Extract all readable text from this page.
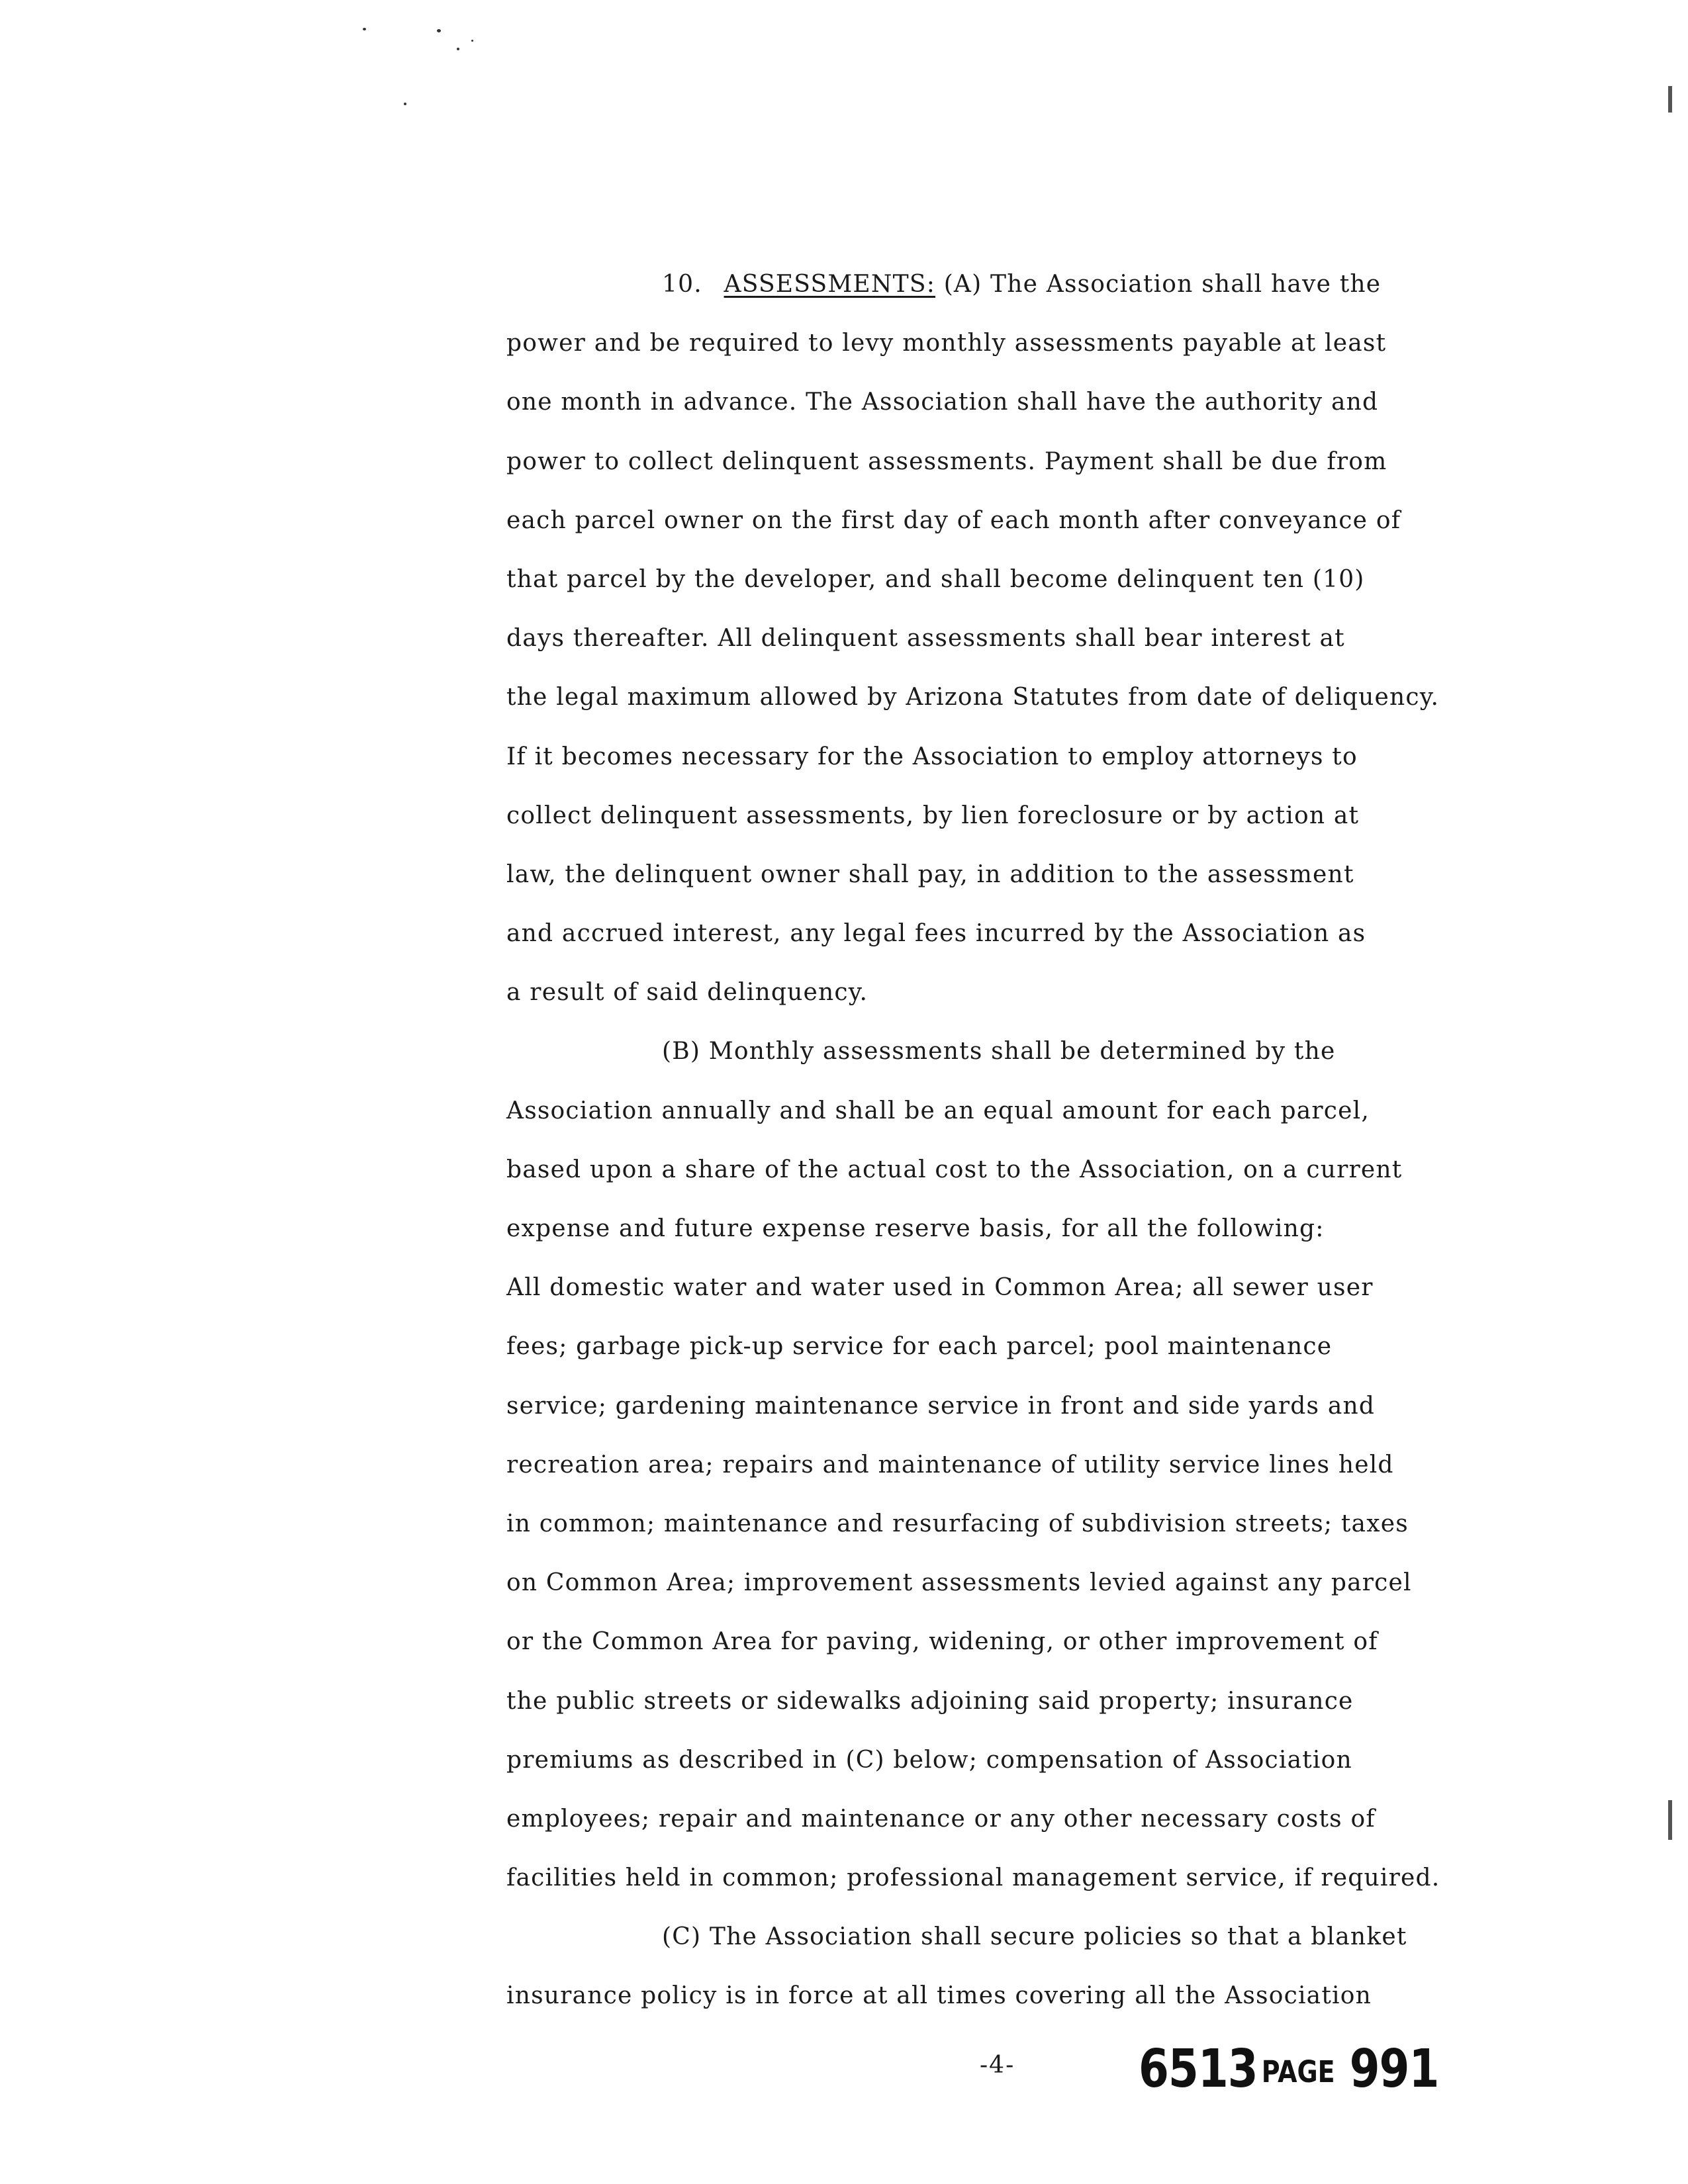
10. ASSESSMENTS: (A) The Association shall have the
power and be required to levy monthly assessments payable at least
one month in advance. The Association shall have the authority and
power to collect delinquent assessments. Payment shall be due from
each parcel owner on the first day of each month after conveyance of
that parcel by the developer, and shall become delinquent ten (10)
days thereafter. All delinquent assessments shall bear interest at
the legal maximum allowed by Arizona Statutes from date of deliquency.
If it becomes necessary for the Association to employ attorneys to
collect delinquent assessments, by lien foreclosure or by action at
law, the delinquent owner shall pay, in addition to the assessment
and accrued interest, any legal fees incurred by the Association as
a result of said delinquency.
(B) Monthly assessments shall be determined by the
Association annually and shall be an equal amount for each parcel,
based upon a share of the actual cost to the Association, on a current
expense and future expense reserve basis, for all the following:
All domestic water and water used in Common Area; all sewer user
fees; garbage pick-up service for each parcel; pool maintenance
service; gardening maintenance service in front and side yards and
recreation area; repairs and maintenance of utility service lines held
in common; maintenance and resurfacing of subdivision streets; taxes
on Common Area; improvement assessments levied against any parcel
or the Common Area for paving, widening, or other improvement of
the public streets or sidewalks adjoining said property; insurance
premiums as described in (C) below; compensation of Association
employees; repair and maintenance or any other necessary costs of
facilities held in common; professional management service, if required.
(C) The Association shall secure policies so that a blanket
insurance policy is in force at all times covering all the Association
-4-	6513 PAGE 991
